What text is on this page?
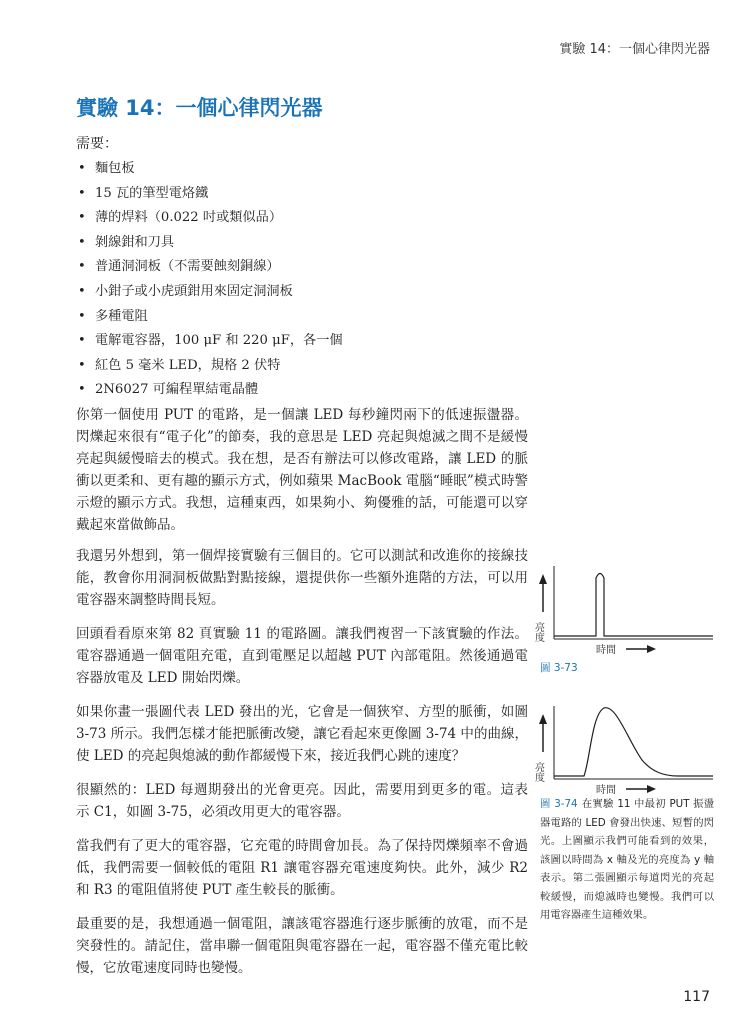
實驗 14：一個心律閃光器
實驗 14：一個心律閃光器

需要：

• 麵包板
• 15 瓦的筆型電烙鐵
• 薄的焊料（0.022 吋或類似品）
• 剝線鉗和刀具
• 普通洞洞板（不需要蝕刻銅線）
• 小鉗子或小虎頭鉗用來固定洞洞板
• 多種電阻
• 電解電容器，100 μF 和 220 μF，各一個
• 紅色 5 毫米 LED，規格 2 伏特
• 2N6027 可編程單結電晶體

你第一個使用 PUT 的電路，是一個讓 LED 每秒鐘閃兩下的低速振盪器。閃爍起來很有“電子化”的節奏，我的意思是 LED 亮起與熄滅之間不是緩慢亮起與緩慢暗去的模式。我在想，是否有辦法可以修改電路，讓 LED 的脈衝以更柔和、更有趣的顯示方式，例如蘋果 MacBook 電腦“睡眠”模式時警示燈的顯示方式。我想，這種東西，如果夠小、夠優雅的話，可能還可以穿戴起來當做飾品。

我還另外想到，第一個焊接實驗有三個目的。它可以測試和改進你的接線技能，教會你用洞洞板做點對點接線，還提供你一些額外進階的方法，可以用電容器來調整時間長短。

回頭看看原來第 82 頁實驗 11 的電路圖。讓我們複習一下該實驗的作法。電容器通過一個電阻充電，直到電壓足以超越 PUT 內部電阻。然後通過電容器放電及 LED 開始閃爍。

如果你畫一張圖代表 LED 發出的光，它會是一個狹窄、方型的脈衝，如圖 3-73 所示。我們怎樣才能把脈衝改變，讓它看起來更像圖 3-74 中的曲線，使 LED 的亮起與熄滅的動作都緩慢下來，接近我們心跳的速度？

很顯然的：LED 每週期發出的光會更亮。因此，需要用到更多的電。這表示 C1，如圖 3-75，必須改用更大的電容器。

當我們有了更大的電容器，它充電的時間會加長。為了保持閃爍頻率不會過低，我們需要一個較低的電阻 R1 讓電容器充電速度夠快。此外，減少 R2 和 R3 的電阻值將使 PUT 產生較長的脈衝。

最重要的是，我想通過一個電阻，讓該電容器進行逐步脈衝的放電，而不是突發性的。請記住，當串聯一個電阻與電容器在一起，電容器不僅充電比較慢，它放電速度同時也變慢。

亮度
時間
圖 3-73
亮度
時間

圖 3-74 在實驗 11 中最初 PUT 振盪器電路的 LED 會發出快速、短暫的閃光。上圖顯示我們可能看到的效果，該圖以時間為 x 軸及光的亮度為 y 軸表示。第二張圖顯示每道閃光的亮起較緩慢，而熄滅時也變慢。我們可以用電容器產生這種效果。

117
